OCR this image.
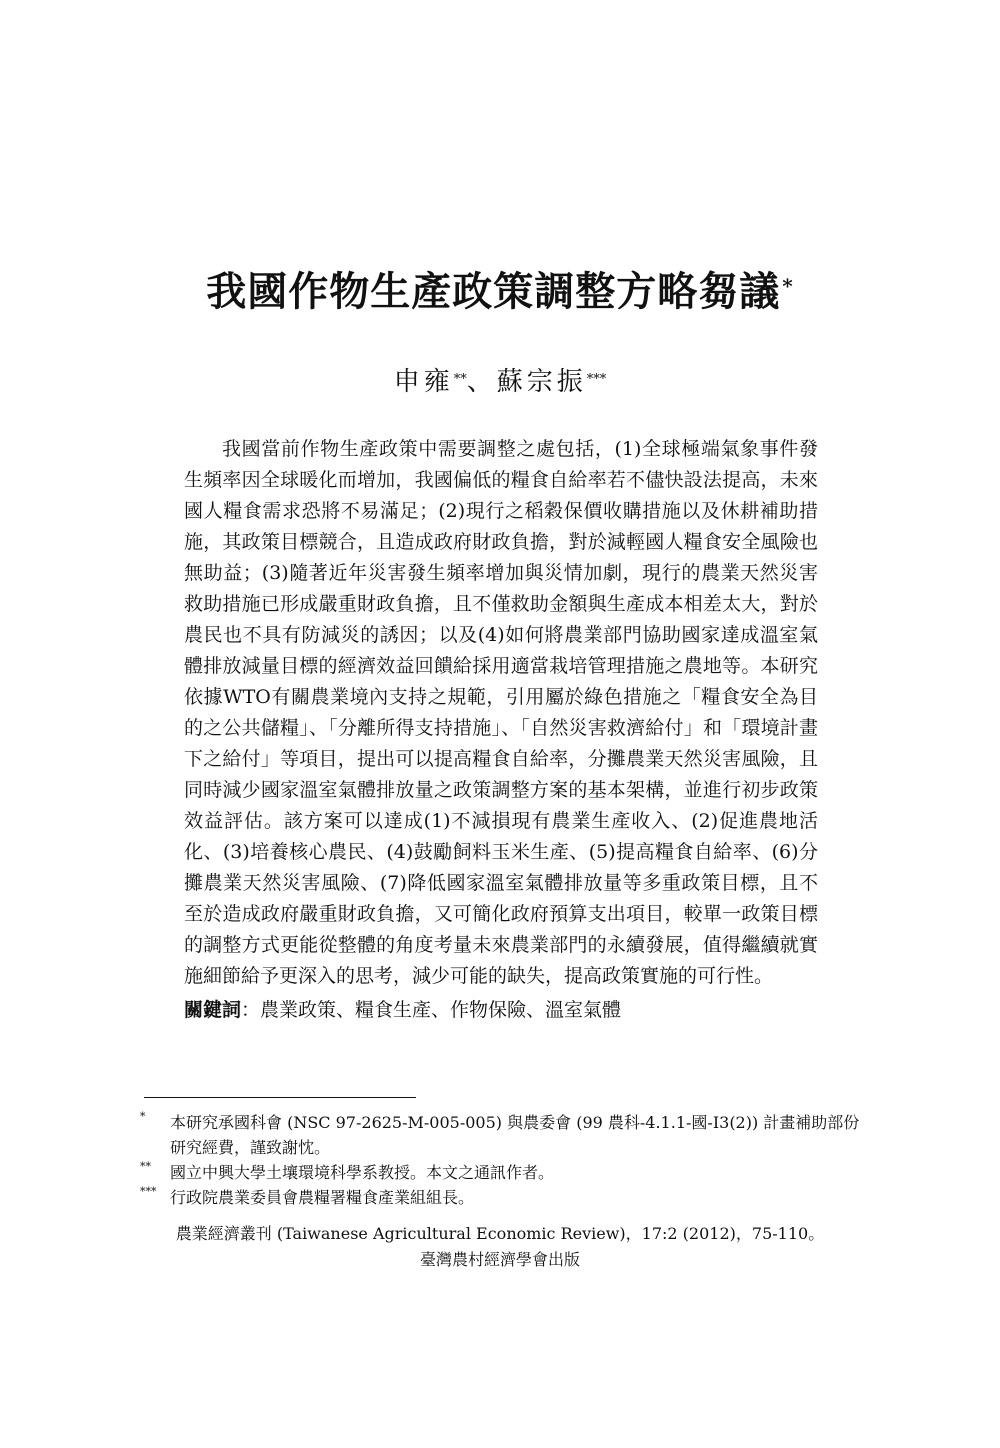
我國作物生產政策調整方略芻議 *
申雍**、蘇宗振***

我國當前作物生產政策中需要調整之處包括，(1)全球極端氣象事件發生頻率因全球暖化而增加，我國偏低的糧食自給率若不儘快設法提高，未來國人糧食需求恐將不易滿足；(2)現行之稻穀保價收購措施以及休耕補助措施，其政策目標競合，且造成政府財政負擔，對於減輕國人糧食安全風險也無助益；(3)隨著近年災害發生頻率增加與災情加劇，現行的農業天然災害救助措施已形成嚴重財政負擔，且不僅救助金額與生產成本相差太大，對於農民也不具有防減災的誘因；以及(4)如何將農業部門協助國家達成溫室氣體排放減量目標的經濟效益回饋給採用適當栽培管理措施之農地等。本研究依據WTO有關農業境內支持之規範，引用屬於綠色措施之「糧食安全為目的之公共儲糧」、「分離所得支持措施」、「自然災害救濟給付」和「環境計畫下之給付」等項目，提出可以提高糧食自給率，分攤農業天然災害風險，且同時減少國家溫室氣體排放量之政策調整方案的基本架構，並進行初步政策效益評估。該方案可以達成(1)不減損現有農業生產收入、(2)促進農地活化、(3)培養核心農民、(4)鼓勵飼料玉米生產、(5)提高糧食自給率、(6)分攤農業天然災害風險、(7)降低國家溫室氣體排放量等多重政策目標，且不至於造成政府嚴重財政負擔，又可簡化政府預算支出項目，較單一政策目標的調整方式更能從整體的角度考量未來農業部門的永續發展，值得繼續就實施細節給予更深入的思考，減少可能的缺失，提高政策實施的可行性。

關鍵詞：農業政策、糧食生產、作物保險、溫室氣體

* 本研究承國科會 (NSC 97-2625-M-005-005) 與農委會 (99 農科-4.1.1-國-I3(2)) 計畫補助部份研究經費，謹致謝忱。

** 國立中興大學土壤環境科學系教授。本文之通訊作者。

*** 行政院農業委員會農糧署糧食產業組組長。

農業經濟叢刊 (Taiwanese Agricultural Economic Review)，17:2 (2012)，75-110。
臺灣農村經濟學會出版
